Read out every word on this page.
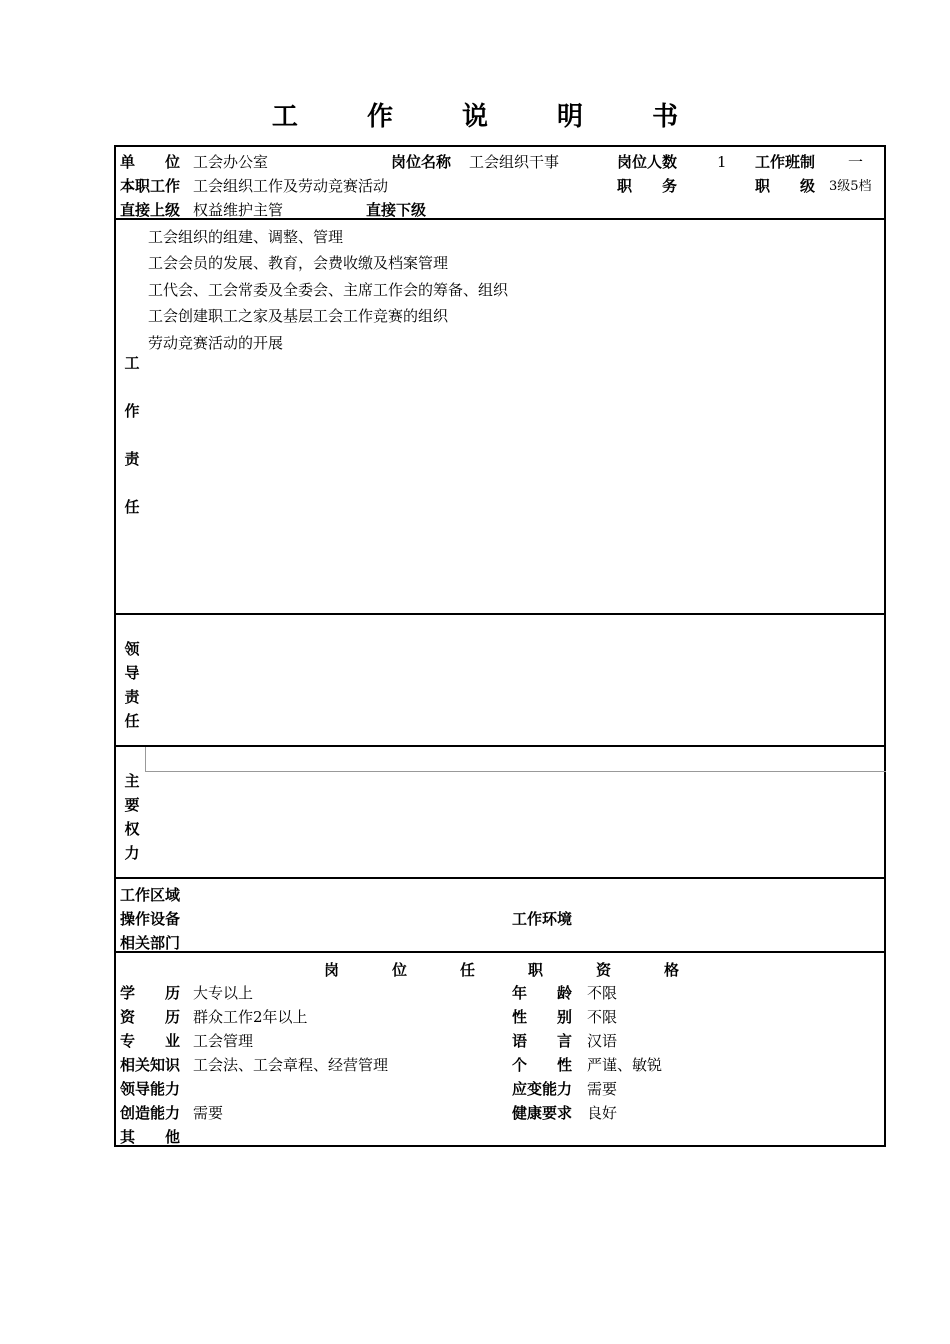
工 作 说 明 书
单　　位 工会办公室	岗位名称 工会组织干事	岗位人数	1 工作班制 一
本职工作 工会组织工作及劳动竞赛活动	职　　务	职　　级 3级5档
直接上级 权益维护主管	直接下级
工
作
责
任
工会组织的组建、调整、管理
工会会员的发展、教育，会费收缴及档案管理
工代会、工会常委及全委会、主席工作会的筹备、组织
工会创建职工之家及基层工会工作竞赛的组织
劳动竞赛活动的开展
领
导
责
任
主
要
权
力
工作区域
操作设备	工作环境
相关部门
岗	位	任	职	资	格
学　　历 大专以上	年　　龄 不限
资　　历 群众工作2年以上	性　　别 不限
专　　业 工会管理	语　　言 汉语
相关知识 工会法、工会章程、经营管理	个　　性 严谨、敏锐
领导能力	应变能力 需要
创造能力 需要	健康要求 良好
其　　他
